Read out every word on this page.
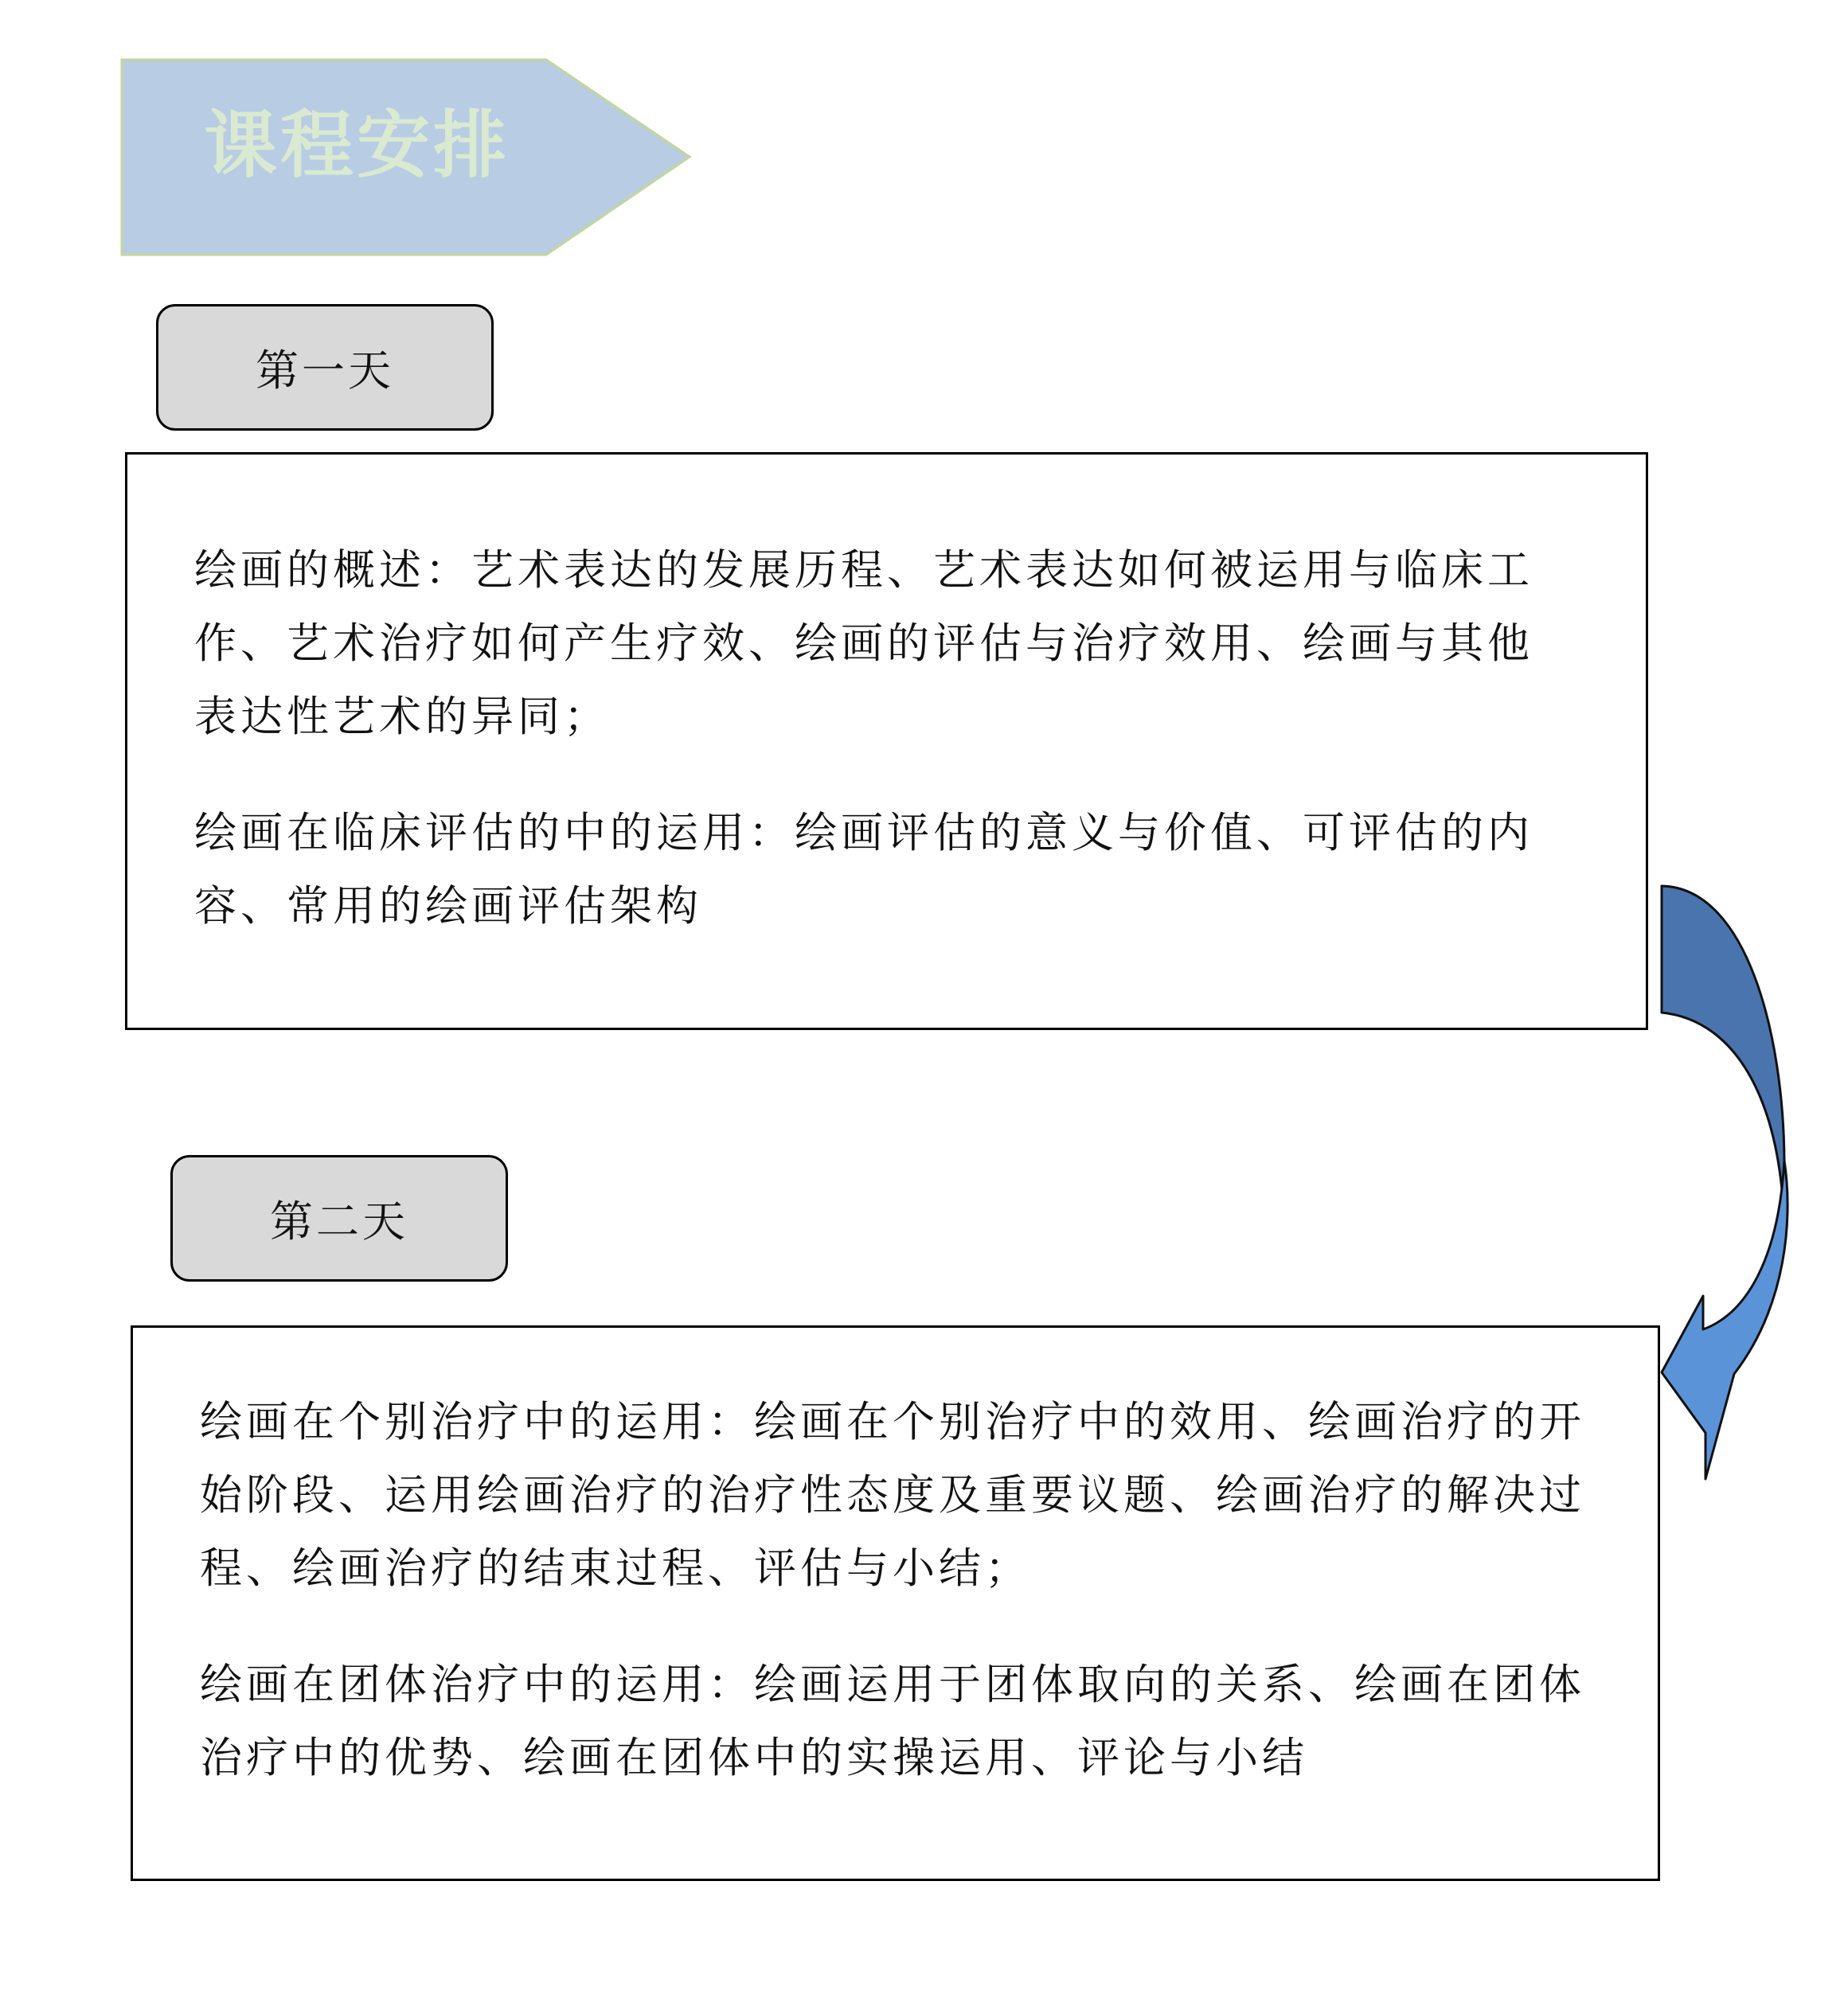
课程安排
第一天

绘画的概述：艺术表达的发展历程、艺术表达如何被运用与临床工作、艺术治疗如何产生疗效、绘画的评估与治疗效用、绘画与其他表达性艺术的异同；

绘画在临床评估的中的运用：绘画评估的意义与价值、可评估的内容、常用的绘画评估架构

第二天

绘画在个别治疗中的运用：绘画在个别治疗中的效用、绘画治疗的开始阶段、运用绘画治疗的治疗性态度及重要议题、绘画治疗的解决过程、绘画治疗的结束过程、评估与小结；

绘画在团体治疗中的运用：绘画运用于团体取向的关系、绘画在团体治疗中的优势、绘画在团体中的实操运用、评论与小结
